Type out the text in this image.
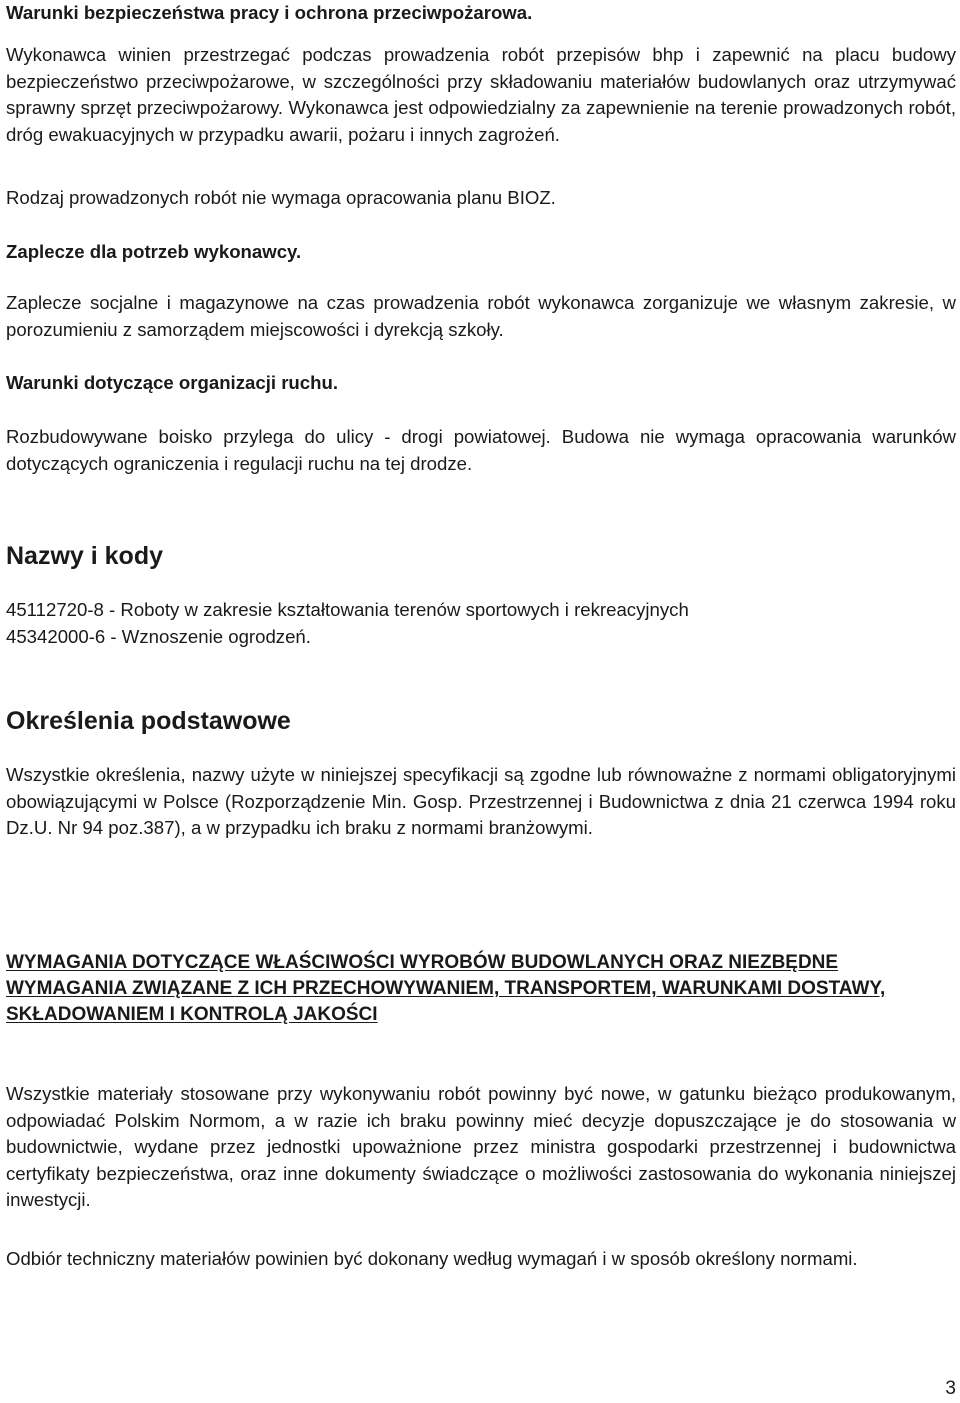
Warunki bezpieczeństwa pracy i ochrona przeciwpożarowa.

Wykonawca winien przestrzegać podczas prowadzenia robót przepisów bhp i zapewnić na placu budowy bezpieczeństwo przeciwpożarowe, w szczególności przy składowaniu materiałów budowlanych oraz utrzymywać sprawny sprzęt przeciwpożarowy. Wykonawca jest odpowiedzialny za zapewnienie na terenie prowadzonych robót, dróg ewakuacyjnych w przypadku awarii, pożaru i innych zagrożeń.

Rodzaj prowadzonych robót nie wymaga opracowania planu BIOZ.

Zaplecze dla potrzeb wykonawcy.

Zaplecze socjalne i magazynowe na czas prowadzenia robót wykonawca zorganizuje we własnym zakresie, w porozumieniu z samorządem miejscowości i dyrekcją szkoły.

Warunki dotyczące organizacji ruchu.

Rozbudowywane boisko przylega do ulicy - drogi powiatowej. Budowa nie wymaga opracowania warunków dotyczących ograniczenia i regulacji ruchu na tej drodze.

Nazwy i kody

45112720-8 - Roboty w zakresie kształtowania terenów sportowych i rekreacyjnych

45342000-6 - Wznoszenie ogrodzeń.

Określenia podstawowe

Wszystkie określenia, nazwy użyte w niniejszej specyfikacji są zgodne lub równoważne z normami obligatoryjnymi obowiązującymi w Polsce (Rozporządzenie Min. Gosp. Przestrzennej i Budownictwa z dnia 21 czerwca 1994 roku Dz.U. Nr 94 poz.387), a w przypadku ich braku z normami branżowymi.

WYMAGANIA DOTYCZĄCE WŁAŚCIWOŚCI WYROBÓW BUDOWLANYCH ORAZ NIEZBĘDNE WYMAGANIA ZWIĄZANE Z ICH PRZECHOWYWANIEM, TRANSPORTEM, WARUNKAMI DOSTAWY, SKŁADOWANIEM I KONTROLĄ JAKOŚCI

Wszystkie materiały stosowane przy wykonywaniu robót powinny być nowe, w gatunku bieżąco produkowanym, odpowiadać Polskim Normom, a w razie ich braku powinny mieć decyzje dopuszczające je do stosowania w budownictwie, wydane przez jednostki upoważnione przez ministra gospodarki przestrzennej i budownictwa certyfikaty bezpieczeństwa, oraz inne dokumenty świadczące o możliwości zastosowania do wykonania niniejszej inwestycji.

Odbiór techniczny materiałów powinien być dokonany według wymagań i w sposób określony normami.

3
